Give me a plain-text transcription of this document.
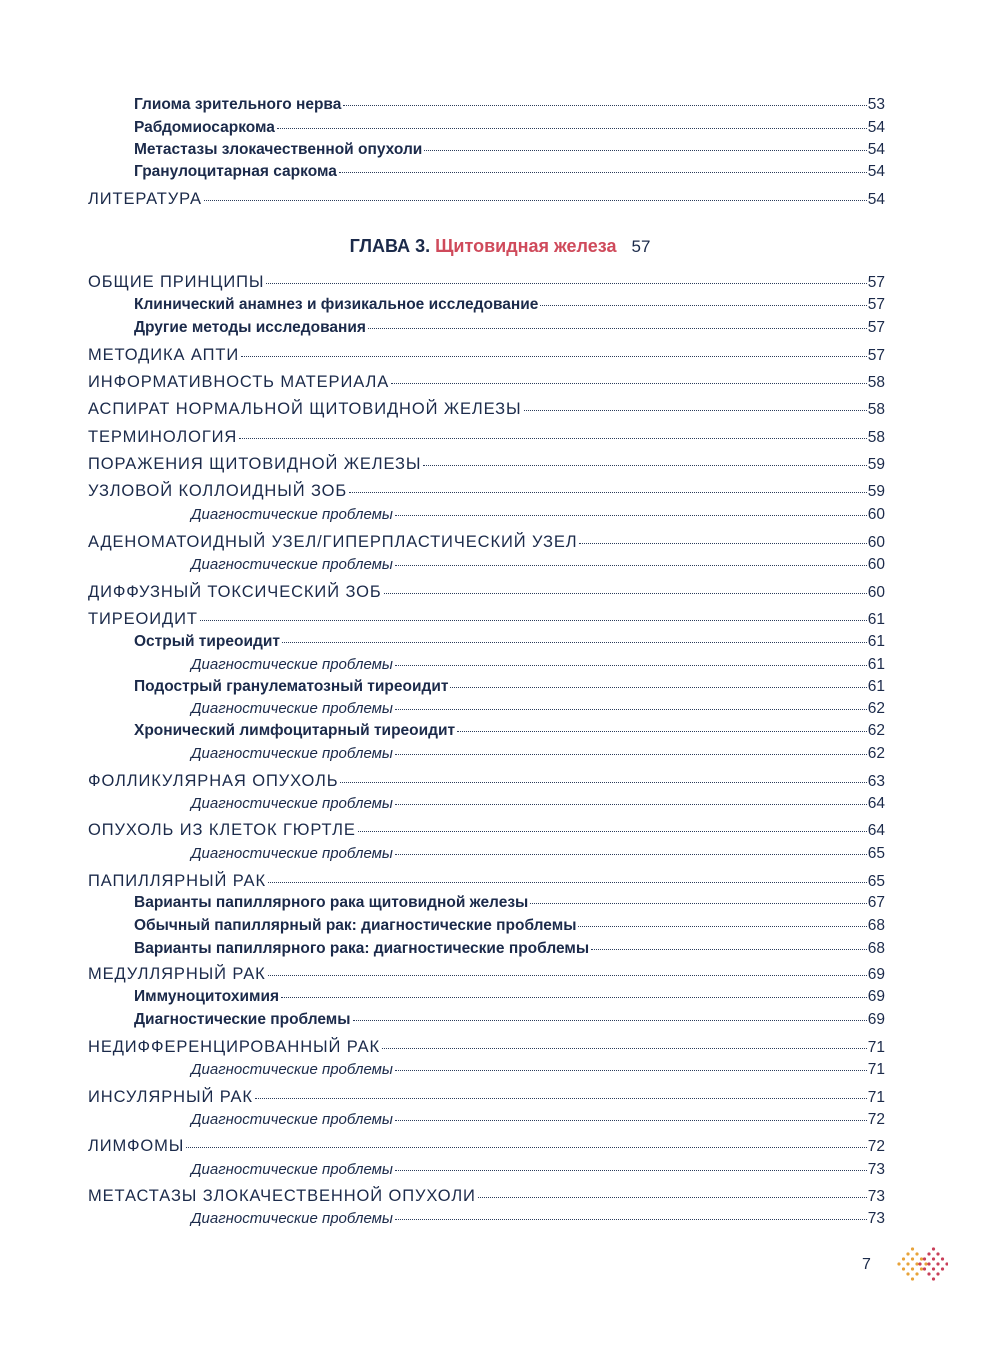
Глиома зрительного нерва	53
Рабдомиосаркома	54
Метастазы злокачественной опухоли	54
Гранулоцитарная саркома	54
ЛИТЕРАТУРА	54
ГЛАВА 3. Щитовидная железа 57
ОБЩИЕ ПРИНЦИПЫ	57
Клинический анамнез и физикальное исследование	57
Другие методы исследования	57
МЕТОДИКА АПТИ	57
ИНФОРМАТИВНОСТЬ МАТЕРИАЛА	58
АСПИРАТ НОРМАЛЬНОЙ ЩИТОВИДНОЙ ЖЕЛЕЗЫ	58
ТЕРМИНОЛОГИЯ	58
ПОРАЖЕНИЯ ЩИТОВИДНОЙ ЖЕЛЕЗЫ	59
УЗЛОВОЙ КОЛЛОИДНЫЙ ЗОБ	59
Диагностические проблемы	60
АДЕНОМАТОИДНЫЙ УЗЕЛ/ГИПЕРПЛАСТИЧЕСКИЙ УЗЕЛ	60
Диагностические проблемы	60
ДИФФУЗНЫЙ ТОКСИЧЕСКИЙ ЗОБ	60
ТИРЕОИДИТ	61
Острый тиреоидит	61
Диагностические проблемы	61
Подострый гранулематозный тиреоидит	61
Диагностические проблемы	62
Хронический лимфоцитарный тиреоидит	62
Диагностические проблемы	62
ФОЛЛИКУЛЯРНАЯ ОПУХОЛЬ	63
Диагностические проблемы	64
ОПУХОЛЬ ИЗ КЛЕТОК ГЮРТЛЕ	64
Диагностические проблемы	65
ПАПИЛЛЯРНЫЙ РАК	65
Варианты папиллярного рака щитовидной железы	67
Обычный папиллярный рак: диагностические проблемы	68
Варианты папиллярного рака: диагностические проблемы	68
МЕДУЛЛЯРНЫЙ РАК	69
Иммуноцитохимия	69
Диагностические проблемы	69
НЕДИФФЕРЕНЦИРОВАННЫЙ РАК	71
Диагностические проблемы	71
ИНСУЛЯРНЫЙ РАК	71
Диагностические проблемы	72
ЛИМФОМЫ	72
Диагностические проблемы	73
МЕТАСТАЗЫ ЗЛОКАЧЕСТВЕННОЙ ОПУХОЛИ	73
Диагностические проблемы	73
7
